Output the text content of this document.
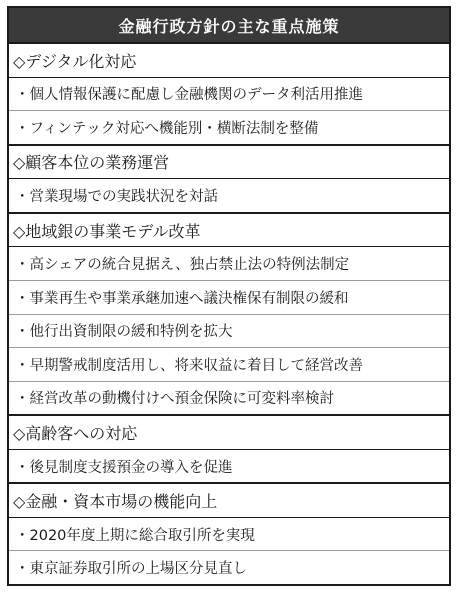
金融行政方針の主な重点施策
◇デジタル化対応
・個人情報保護に配慮し金融機関のデータ利活用推進
・フィンテック対応へ機能別・横断法制を整備
◇顧客本位の業務運営
・営業現場での実践状況を対話
◇地域銀の事業モデル改革
・高シェアの統合見据え、独占禁止法の特例法制定
・事業再生や事業承継加速へ議決権保有制限の緩和
・他行出資制限の緩和特例を拡大
・早期警戒制度活用し、将来収益に着目して経営改善
・経営改革の動機付けへ預金保険に可変料率検討
◇高齢客への対応
・後見制度支援預金の導入を促進
◇金融・資本市場の機能向上
・2020年度上期に総合取引所を実現
・東京証券取引所の上場区分見直し
